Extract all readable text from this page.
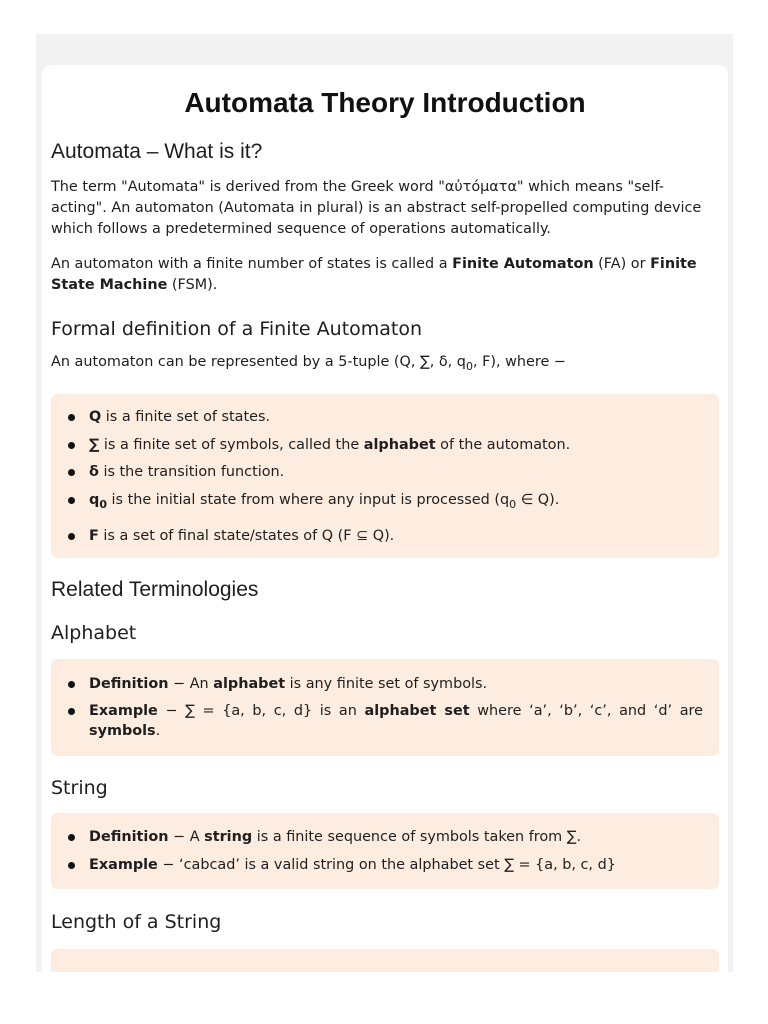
Automata Theory Introduction
Automata – What is it?

The term "Automata" is derived from the Greek word "αὐτόματα" which means "self-acting". An automaton (Automata in plural) is an abstract self-propelled computing device which follows a predetermined sequence of operations automatically.

An automaton with a finite number of states is called a Finite Automaton (FA) or Finite State Machine (FSM).

Formal definition of a Finite Automaton

An automaton can be represented by a 5-tuple (Q, ∑, δ, $q_0$, F), where −

Q is a finite set of states.
∑ is a finite set of symbols, called the alphabet of the automaton.
δ is the transition function.
$q_0$ is the initial state from where any input is processed ($q_0$ ∈ Q).
F is a set of final state/states of Q (F ⊆ Q).
Related Terminologies
Alphabet
Definition − An alphabet is any finite set of symbols.
Example − ∑ = {a, b, c, d} is an alphabet set where ‘a’, ‘b’, ‘c’, and ‘d’ are symbols.
String
Definition − A string is a finite sequence of symbols taken from ∑.
Example − ‘cabcad’ is a valid string on the alphabet set ∑ = {a, b, c, d}
Length of a String
